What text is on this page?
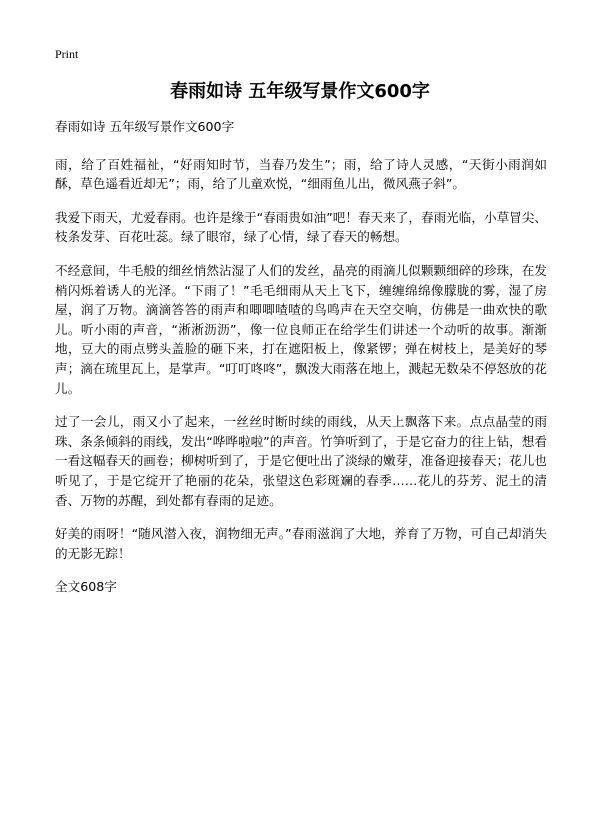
Print
春雨如诗 五年级写景作文600字

春雨如诗 五年级写景作文600字

雨，给了百姓福祉，“好雨知时节，当春乃发生”；雨，给了诗人灵感，“天街小雨润如酥，草色遥看近却无”；雨，给了儿童欢悦，“细雨鱼儿出，微风燕子斜”。

我爱下雨天，尤爱春雨。也许是缘于“春雨贵如油”吧！春天来了，春雨光临，小草冒尖、枝条发芽、百花吐蕊。绿了眼帘，绿了心情，绿了春天的畅想。

不经意间，牛毛般的细丝悄然沾湿了人们的发丝，晶亮的雨滴儿似颗颗细碎的珍珠，在发梢闪烁着诱人的光泽。“下雨了！”毛毛细雨从天上飞下，缠缠绵绵像朦胧的雾，湿了房屋，润了万物。滴滴答答的雨声和唧唧喳喳的鸟鸣声在天空交响，仿佛是一曲欢快的歌儿。听小雨的声音，“淅淅沥沥”，像一位良师正在给学生们讲述一个动听的故事。渐渐地，豆大的雨点劈头盖脸的砸下来，打在遮阳板上，像紧锣；弹在树枝上，是美好的琴声；滴在琉里瓦上，是掌声。“叮叮咚咚”，飘泼大雨落在地上，溅起无数朵不停怒放的花儿。

过了一会儿，雨又小了起来，一丝丝时断时续的雨线，从天上飘落下来。点点晶莹的雨珠、条条倾斜的雨线，发出“哗哗啦啦”的声音。竹笋听到了，于是它奋力的往上钻，想看一看这幅春天的画卷；柳树听到了，于是它便吐出了淡绿的嫩芽，准备迎接春天；花儿也听见了，于是它绽开了艳丽的花朵，张望这色彩斑斓的春季……花儿的芬芳、泥土的清香、万物的苏醒，到处都有春雨的足迹。

好美的雨呀！“随风潜入夜，润物细无声。”春雨滋润了大地，养育了万物，可自己却消失的无影无踪！

全文608字
